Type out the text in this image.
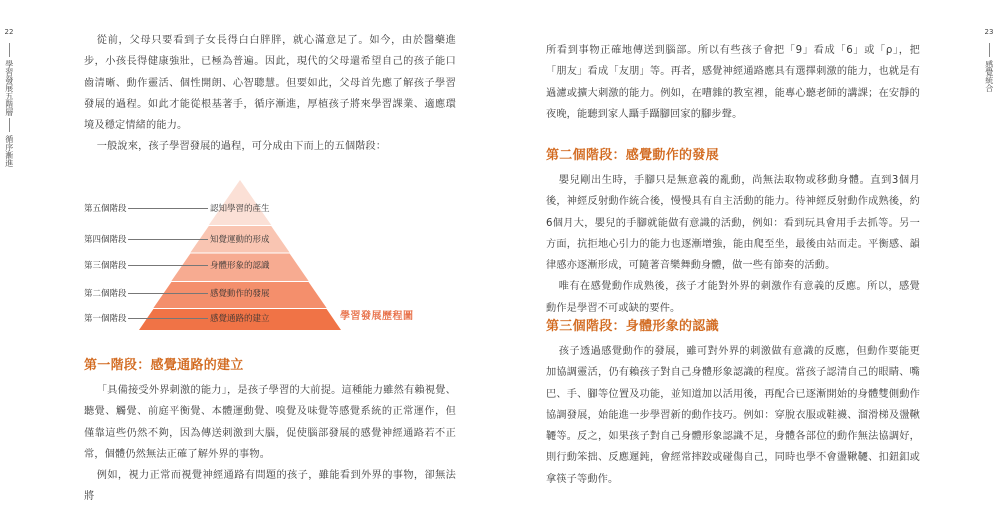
22
學習發展五階層
循序漸進

從前，父母只要看到子女長得白白胖胖，就心滿意足了。如今，由於醫藥進步，小孩長得健康強壯，已極為普遍。因此，現代的父母還希望自己的孩子能口齒清晰、動作靈活、個性開朗、心智聰慧。但要如此，父母首先應了解孩子學習發展的過程。如此才能從根基著手，循序漸進，厚植孩子將來學習課業、適應環境及穩定情緒的能力。

一般說來，孩子學習發展的過程，可分成由下而上的五個階段：

第五個階段	認知學習的產生
第四個階段	知覺運動的形成
第三個階段	身體形象的認識
第二個階段	感覺動作的發展
第一個階段	感覺通路的建立	學習發展歷程圖
第一階段：感覺通路的建立

「具備接受外界刺激的能力」，是孩子學習的大前提。這種能力雖然有賴視覺、聽覺、觸覺、前庭平衡覺、本體運動覺、嗅覺及味覺等感覺系統的正常運作，但僅靠這些仍然不夠，因為傳送刺激到大腦，促使腦部發展的感覺神經通路若不正常，個體仍然無法正確了解外界的事物。

例如，視力正常而視覺神經通路有問題的孩子，雖能看到外界的事物，卻無法將

23
感覺統合

所看到事物正確地傳送到腦部。所以有些孩子會把「9」看成「6」或「ρ」，把「朋友」看成「友朋」等。再者，感覺神經通路應具有選擇刺激的能力，也就是有過濾或擴大刺激的能力。例如，在嘈雜的教室裡，能專心聽老師的講課；在安靜的夜晚，能聽到家人躡手躡腳回家的腳步聲。

第二個階段：感覺動作的發展

嬰兒剛出生時，手腳只是無意義的亂動，尚無法取物或移動身體。直到3個月後，神經反射動作統合後，慢慢具有自主活動的能力。待神經反射動作成熟後，約6個月大，嬰兒的手腳就能做有意識的活動，例如：看到玩具會用手去抓等。另一方面，抗拒地心引力的能力也逐漸增強，能由爬至坐，最後由站而走。平衡感、韻律感亦逐漸形成，可隨著音樂舞動身體，做一些有節奏的活動。

唯有在感覺動作成熟後，孩子才能對外界的刺激作有意義的反應。所以，感覺動作是學習不可或缺的要件。

第三個階段：身體形象的認識

孩子透過感覺動作的發展，雖可對外界的刺激做有意識的反應，但動作要能更加協調靈活，仍有賴孩子對自己身體形象認識的程度。當孩子認清自己的眼睛、嘴巴、手、腳等位置及功能，並知道加以活用後，再配合已逐漸開始的身體雙側動作協調發展，始能進一步學習新的動作技巧。例如：穿脫衣服或鞋襪、溜滑梯及盪鞦韆等。反之，如果孩子對自己身體形象認識不足，身體各部位的動作無法協調好，則行動笨拙、反應遲鈍，會經常摔跤或碰傷自己，同時也學不會盪鞦韆、扣鈕釦或拿筷子等動作。
